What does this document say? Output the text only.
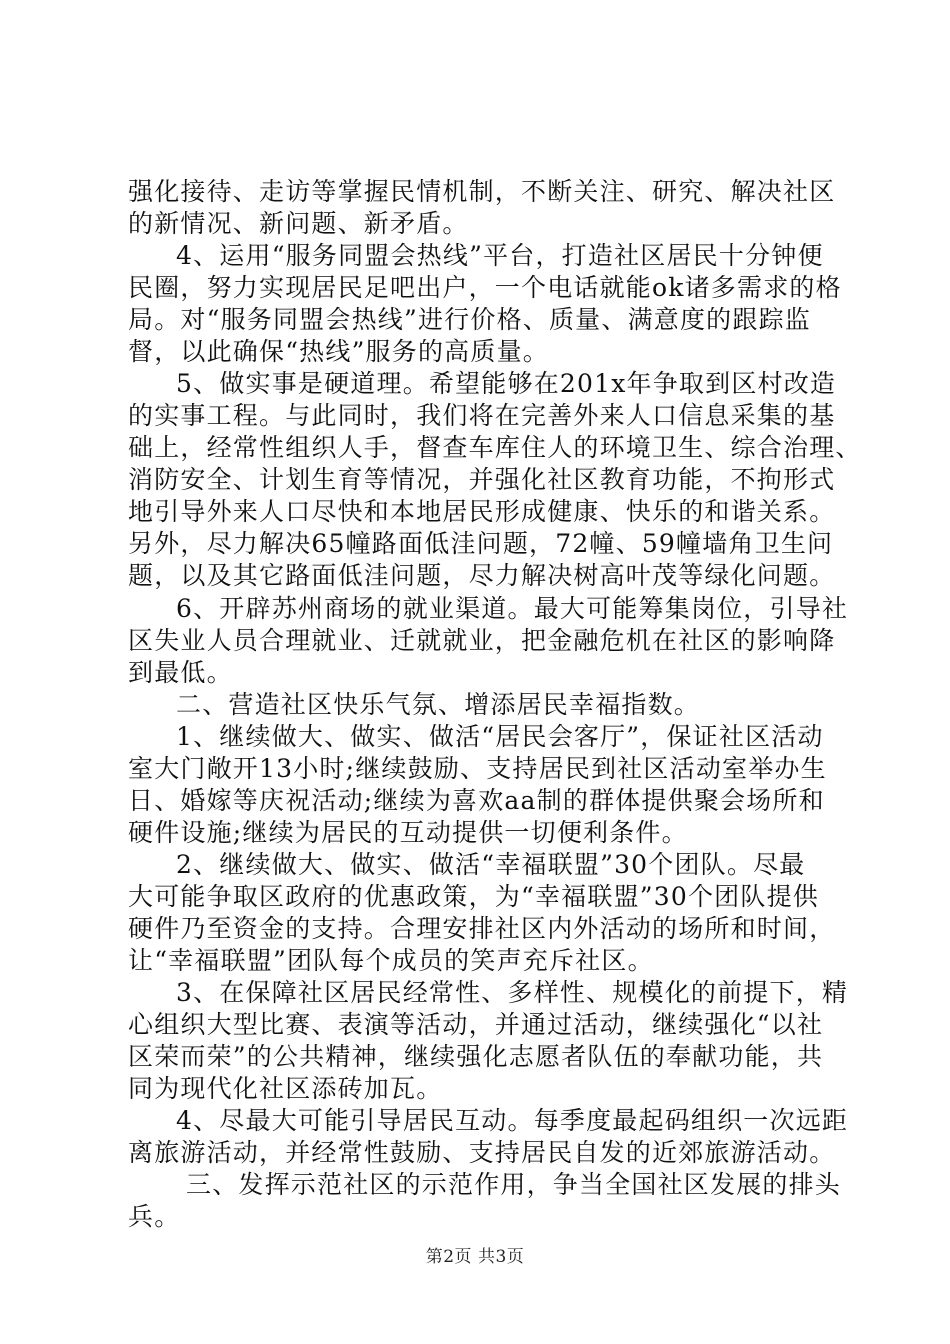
强化接待、走访等掌握民情机制，不断关注、研究、解决社区
的新情况、新问题、新矛盾。
4、运用“服务同盟会热线”平台，打造社区居民十分钟便
民圈，努力实现居民足吧出户，一个电话就能ok诸多需求的格
局。对“服务同盟会热线”进行价格、质量、满意度的跟踪监
督，以此确保“热线”服务的高质量。
5、做实事是硬道理。希望能够在201x年争取到区村改造
的实事工程。与此同时，我们将在完善外来人口信息采集的基
础上，经常性组织人手，督查车库住人的环境卫生、综合治理、
消防安全、计划生育等情况，并强化社区教育功能，不拘形式
地引导外来人口尽快和本地居民形成健康、快乐的和谐关系。
另外，尽力解决65幢路面低洼问题，72幢、59幢墙角卫生问
题，以及其它路面低洼问题，尽力解决树高叶茂等绿化问题。
6、开辟苏州商场的就业渠道。最大可能筹集岗位，引导社
区失业人员合理就业、迁就就业，把金融危机在社区的影响降
到最低。
二、营造社区快乐气氛、增添居民幸福指数。
1、继续做大、做实、做活“居民会客厅”，保证社区活动
室大门敞开13小时;继续鼓励、支持居民到社区活动室举办生
日、婚嫁等庆祝活动;继续为喜欢aa制的群体提供聚会场所和
硬件设施;继续为居民的互动提供一切便利条件。
2、继续做大、做实、做活“幸福联盟”30个团队。尽最
大可能争取区政府的优惠政策，为“幸福联盟”30个团队提供
硬件乃至资金的支持。合理安排社区内外活动的场所和时间，
让“幸福联盟”团队每个成员的笑声充斥社区。
3、在保障社区居民经常性、多样性、规模化的前提下，精
心组织大型比赛、表演等活动，并通过活动，继续强化“以社
区荣而荣”的公共精神，继续强化志愿者队伍的奉献功能，共
同为现代化社区添砖加瓦。
4、尽最大可能引导居民互动。每季度最起码组织一次远距
离旅游活动，并经常性鼓励、支持居民自发的近郊旅游活动。
三、发挥示范社区的示范作用，争当全国社区发展的排头
兵。
第2页 共3页
